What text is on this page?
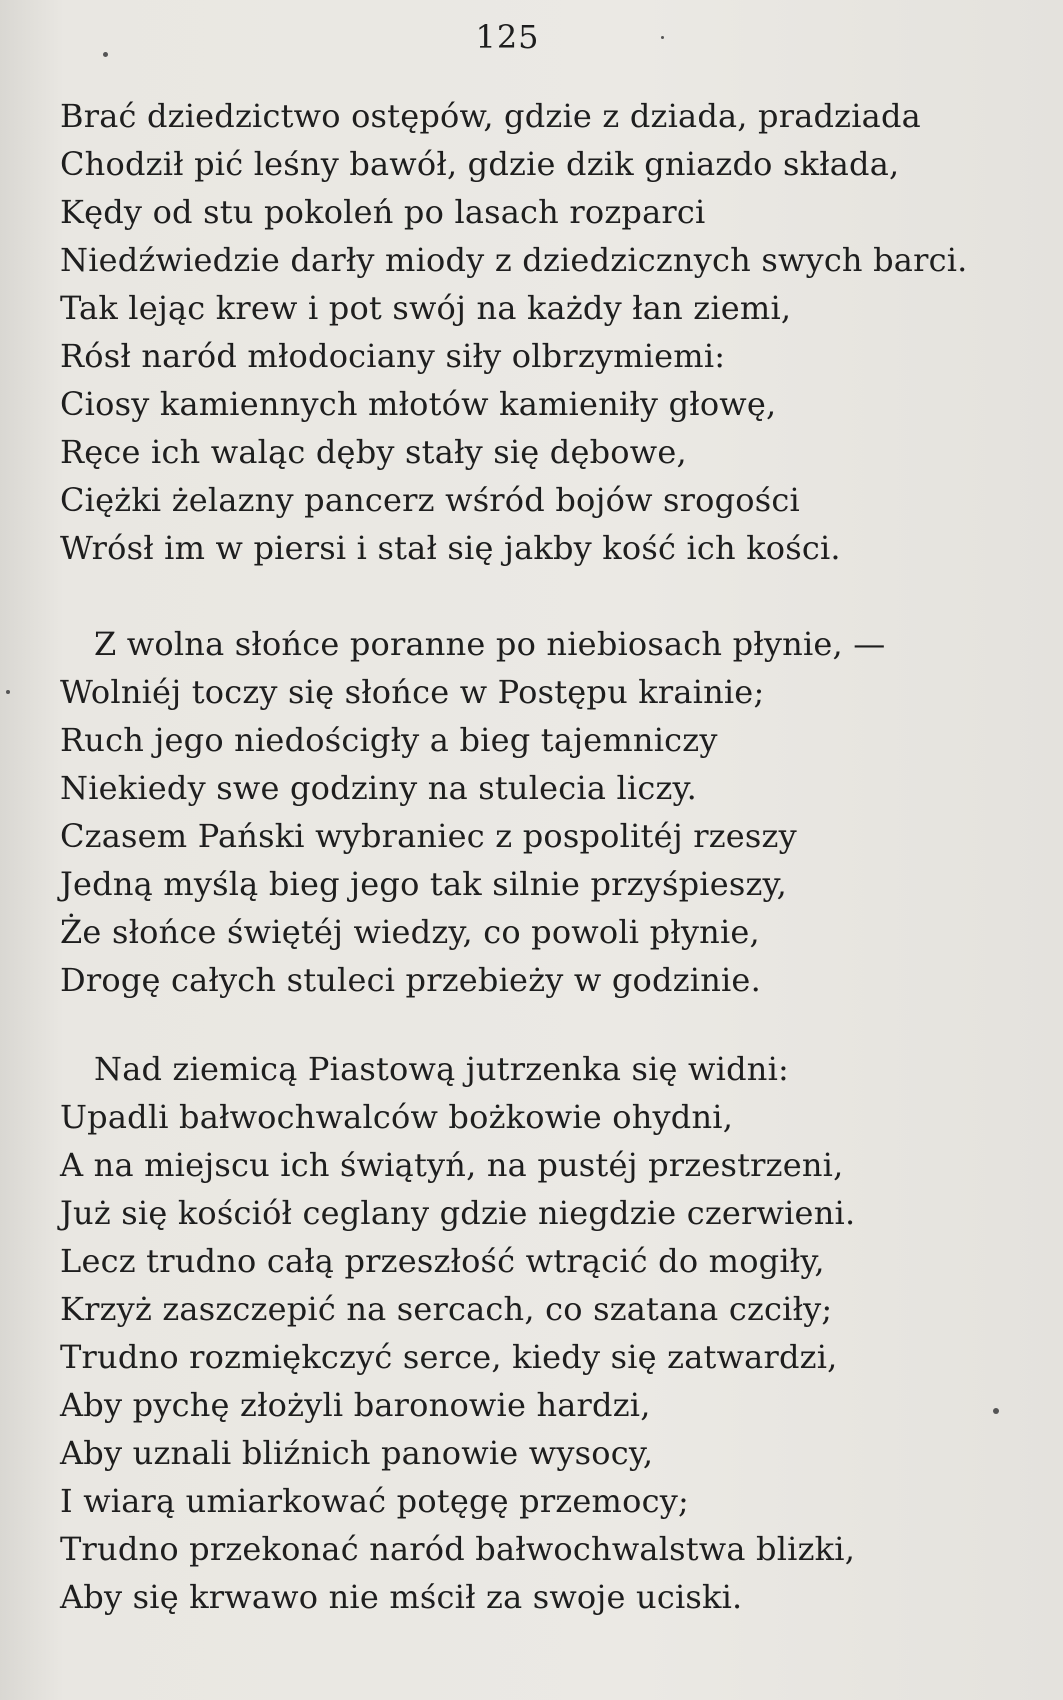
125
Brać dziedzictwo ostępów, gdzie z dziada, pradziada
Chodził pić leśny bawół, gdzie dzik gniazdo składa,
Kędy od stu pokoleń po lasach rozparci
Niedźwiedzie darły miody z dziedzicznych swych barci.
Tak lejąc krew i pot swój na każdy łan ziemi,
Rósł naród młodociany siły olbrzymiemi:
Ciosy kamiennych młotów kamieniły głowę,
Ręce ich waląc dęby stały się dębowe,
Ciężki żelazny pancerz wśród bojów srogości
Wrósł im w piersi i stał się jakby kość ich kości.
Z wolna słońce poranne po niebiosach płynie, —
Wolniéj toczy się słońce w Postępu krainie;
Ruch jego niedościgły a bieg tajemniczy
Niekiedy swe godziny na stulecia liczy.
Czasem Pański wybraniec z pospolitéj rzeszy
Jedną myślą bieg jego tak silnie przyśpieszy,
Że słońce świętéj wiedzy, co powoli płynie,
Drogę całych stuleci przebieży w godzinie.
Nad ziemicą Piastową jutrzenka się widni:
Upadli bałwochwalców bożkowie ohydni,
A na miejscu ich świątyń, na pustéj przestrzeni,
Już się kościół ceglany gdzie niegdzie czerwieni.
Lecz trudno całą przeszłość wtrącić do mogiły,
Krzyż zaszczepić na sercach, co szatana czciły;
Trudno rozmiękczyć serce, kiedy się zatwardzi,
Aby pychę złożyli baronowie hardzi,
Aby uznali bliźnich panowie wysocy,
I wiarą umiarkować potęgę przemocy;
Trudno przekonać naród bałwochwalstwa blizki,
Aby się krwawo nie mścił za swoje uciski.
